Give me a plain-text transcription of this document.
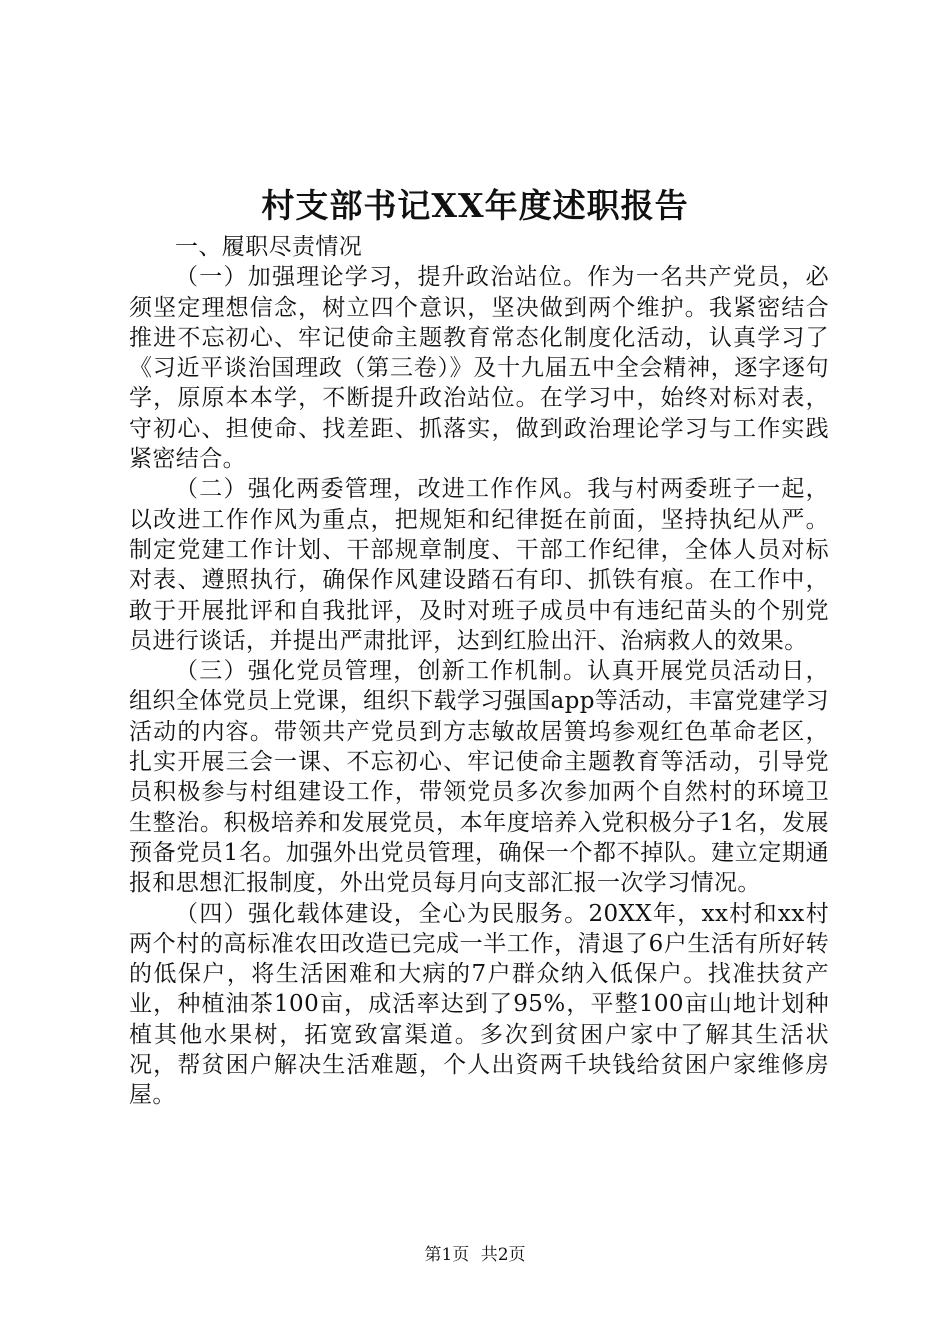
村支部书记XX年度述职报告

一、履职尽责情况

（一）加强理论学习，提升政治站位。作为一名共产党员，必须坚定理想信念，树立四个意识，坚决做到两个维护。我紧密结合推进不忘初心、牢记使命主题教育常态化制度化活动，认真学习了《习近平谈治国理政（第三卷）》及十九届五中全会精神，逐字逐句学，原原本本学，不断提升政治站位。在学习中，始终对标对表，守初心、担使命、找差距、抓落实，做到政治理论学习与工作实践紧密结合。

（二）强化两委管理，改进工作作风。我与村两委班子一起，以改进工作作风为重点，把规矩和纪律挺在前面，坚持执纪从严。制定党建工作计划、干部规章制度、干部工作纪律，全体人员对标对表、遵照执行，确保作风建设踏石有印、抓铁有痕。在工作中，敢于开展批评和自我批评，及时对班子成员中有违纪苗头的个别党员进行谈话，并提出严肃批评，达到红脸出汗、治病救人的效果。

（三）强化党员管理，创新工作机制。认真开展党员活动日，组织全体党员上党课，组织下载学习强国app等活动，丰富党建学习活动的内容。带领共产党员到方志敏故居篑坞参观红色革命老区，扎实开展三会一课、不忘初心、牢记使命主题教育等活动，引导党员积极参与村组建设工作，带领党员多次参加两个自然村的环境卫生整治。积极培养和发展党员，本年度培养入党积极分子1名，发展预备党员1名。加强外出党员管理，确保一个都不掉队。建立定期通报和思想汇报制度，外出党员每月向支部汇报一次学习情况。

（四）强化载体建设，全心为民服务。20XX年，xx村和xx村两个村的高标准农田改造已完成一半工作，清退了6户生活有所好转的低保户，将生活困难和大病的7户群众纳入低保户。找准扶贫产业，种植油茶100亩，成活率达到了95%，平整100亩山地计划种植其他水果树，拓宽致富渠道。多次到贫困户家中了解其生活状况，帮贫困户解决生活难题，个人出资两千块钱给贫困户家维修房屋。

第1页 共2页
